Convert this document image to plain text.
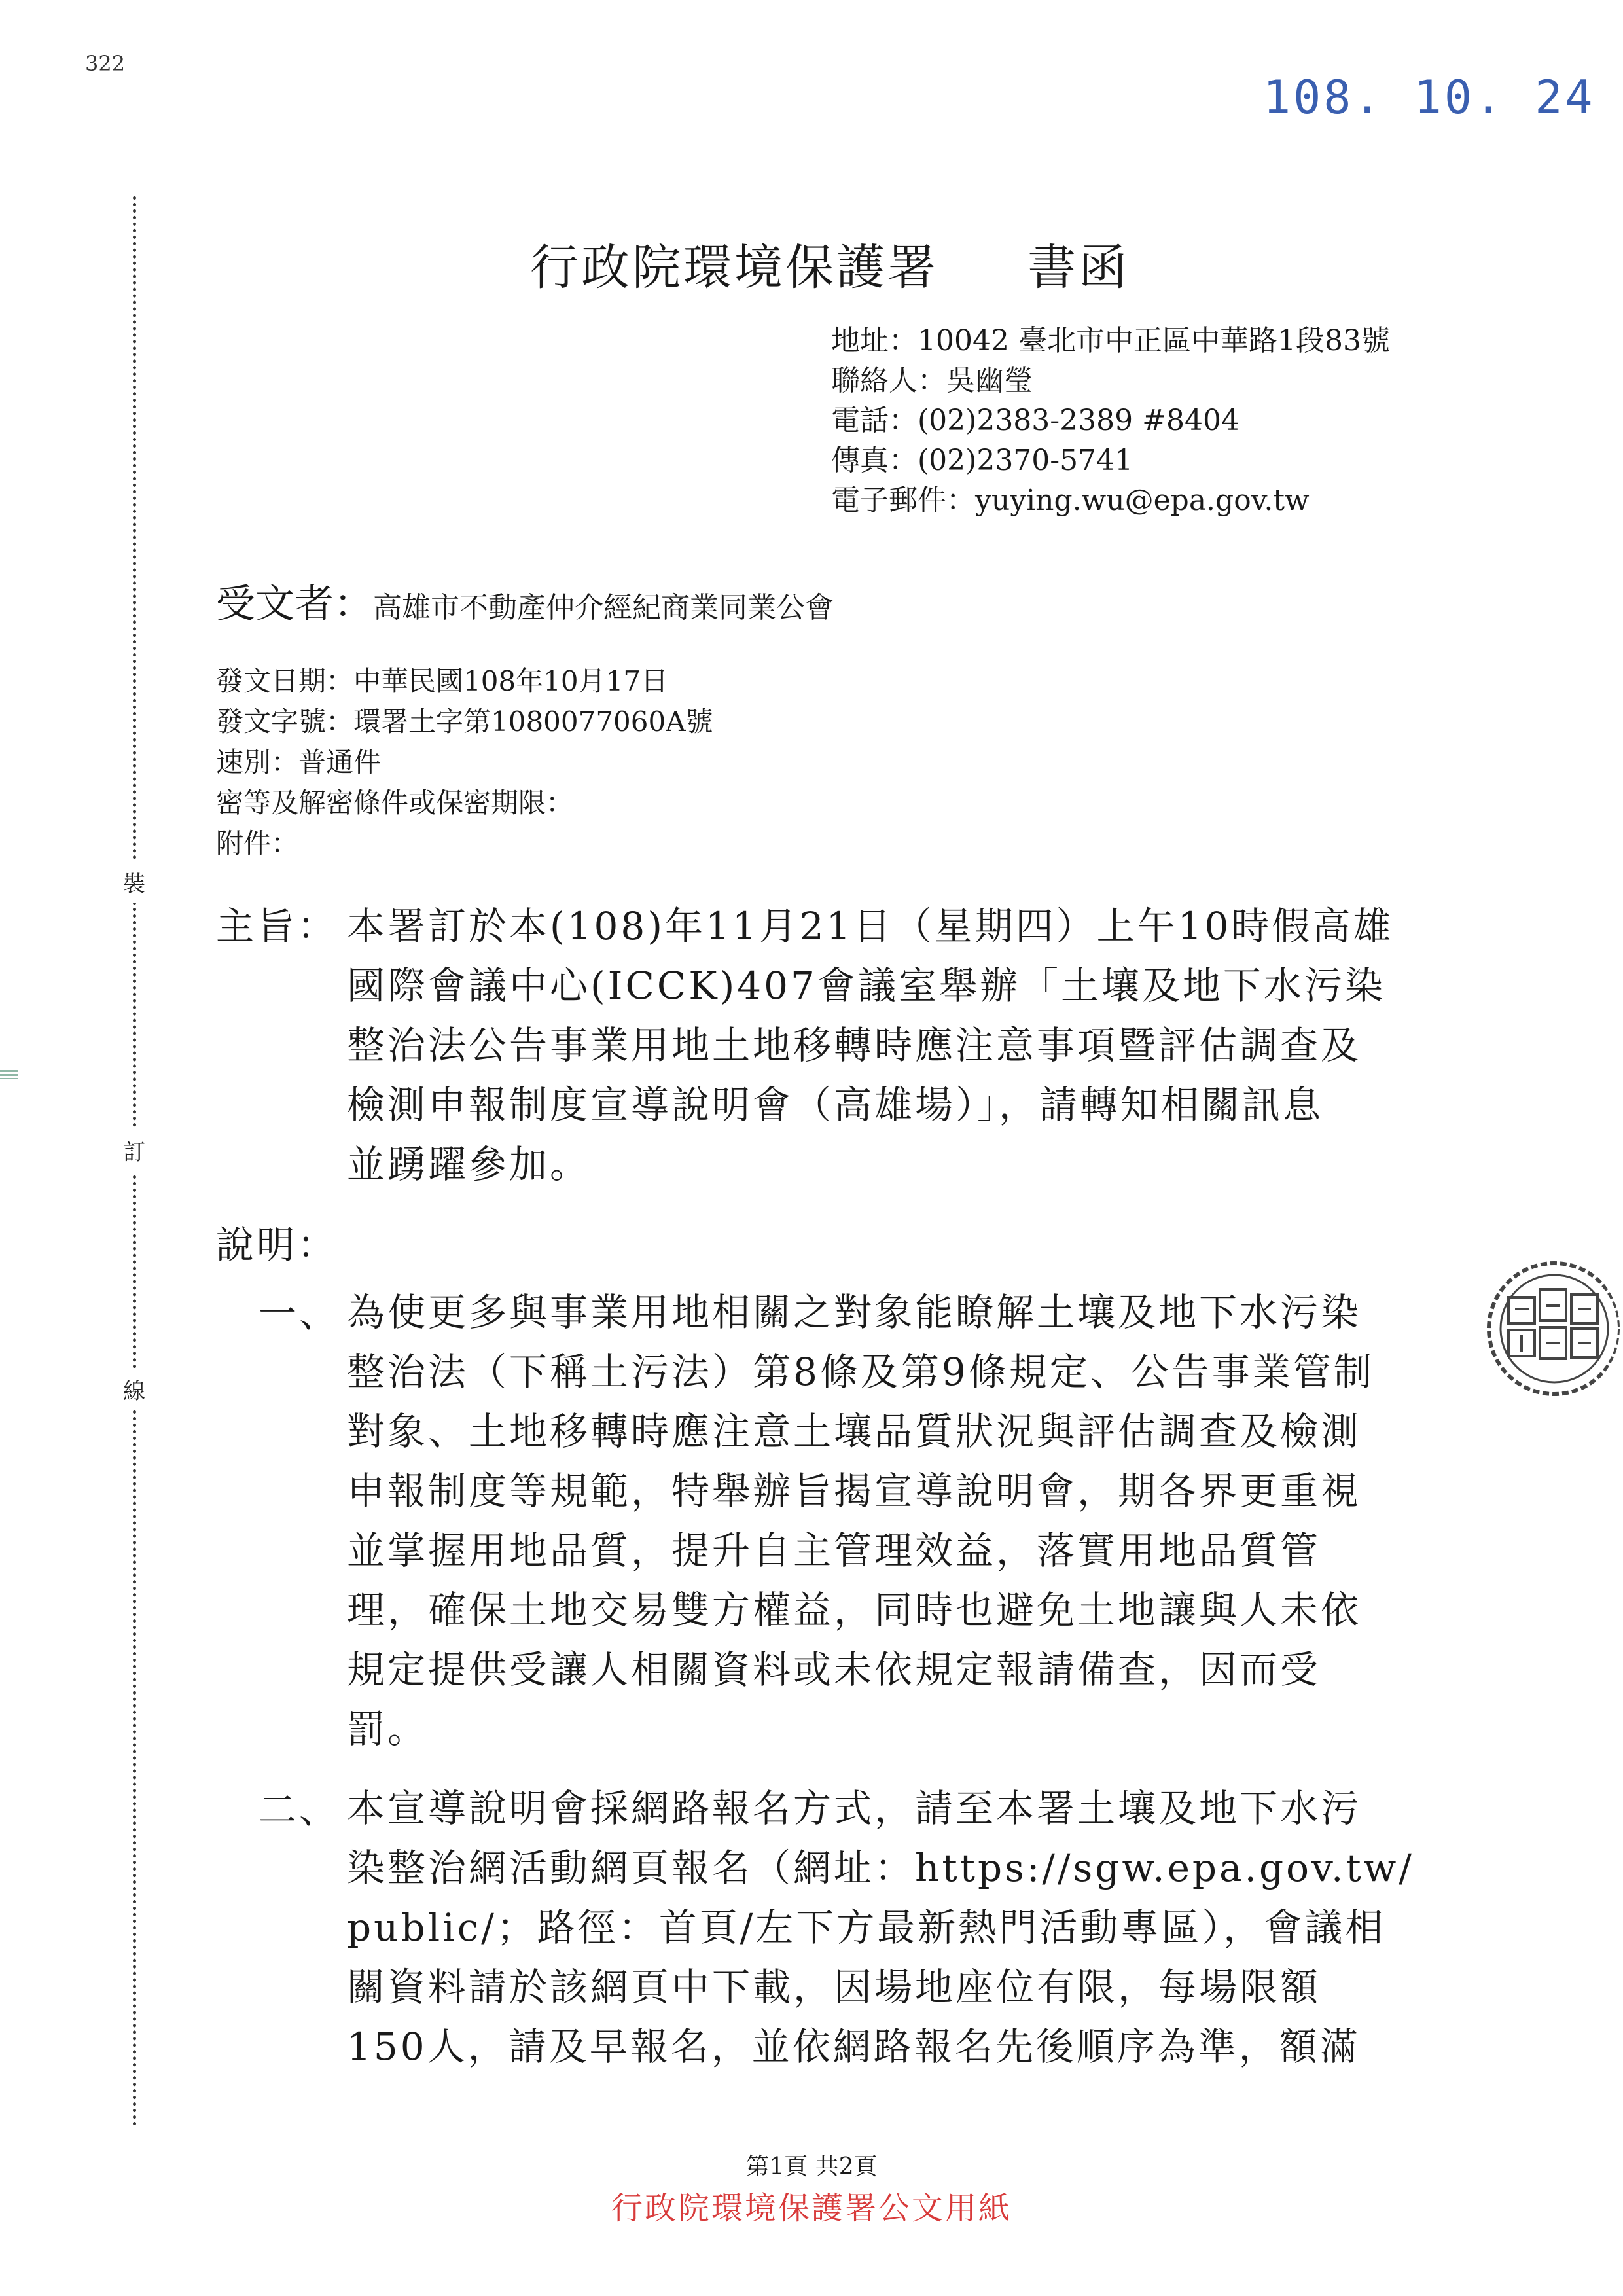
322
108. 10. 24
裝
訂
線
行政院環境保護署 書函
地址：10042 臺北市中正區中華路1段83號
聯絡人：吳幽瑩
電話：(02)2383-2389 #8404
傳真：(02)2370-5741
電子郵件：yuying.wu@epa.gov.tw
受文者：高雄市不動產仲介經紀商業同業公會
發文日期：中華民國108年10月17日
發文字號：環署土字第1080077060A號
速別：普通件
密等及解密條件或保密期限：
附件：
主旨： 本署訂於本(108)年11月21日（星期四）上午10時假高雄
國際會議中心(ICCK)407會議室舉辦「土壤及地下水污染
整治法公告事業用地土地移轉時應注意事項暨評估調查及
檢測申報制度宣導說明會（高雄場）」，請轉知相關訊息
並踴躍參加。
說明：
一、 為使更多與事業用地相關之對象能瞭解土壤及地下水污染
整治法（下稱土污法）第8條及第9條規定、公告事業管制
對象、土地移轉時應注意土壤品質狀況與評估調查及檢測
申報制度等規範，特舉辦旨揭宣導說明會，期各界更重視
並掌握用地品質，提升自主管理效益，落實用地品質管
理，確保土地交易雙方權益，同時也避免土地讓與人未依
規定提供受讓人相關資料或未依規定報請備查，因而受
罰。
二、 本宣導說明會採網路報名方式，請至本署土壤及地下水污
染整治網活動網頁報名（網址：https://sgw.epa.gov.tw/
public/；路徑：首頁/左下方最新熱門活動專區），會議相
關資料請於該網頁中下載，因場地座位有限，每場限額
150人，請及早報名，並依網路報名先後順序為準，額滿
第1頁 共2頁
行政院環境保護署公文用紙
